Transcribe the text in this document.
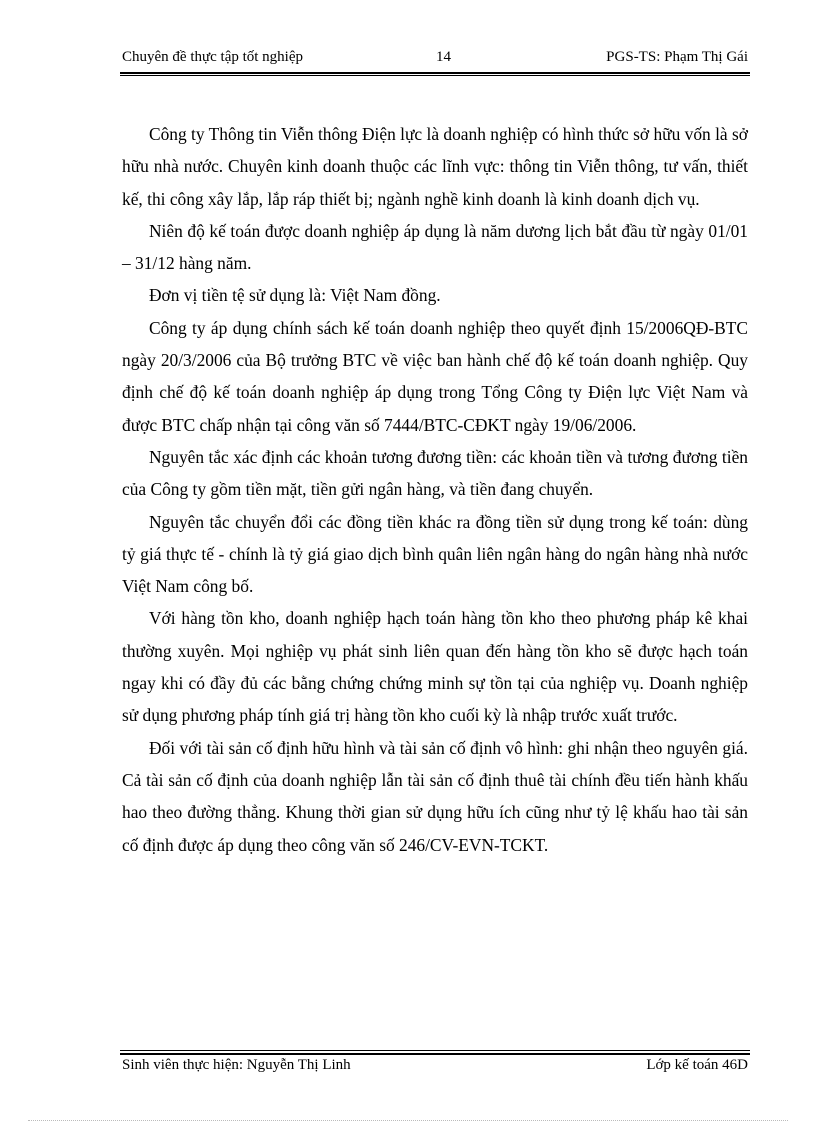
Chuyên đề thực tập tốt nghiệp	14	PGS-TS: Phạm Thị Gái

Công ty Thông tin Viễn thông Điện lực là doanh nghiệp có hình thức sở hữu vốn là sở hữu nhà nước. Chuyên kinh doanh thuộc các lĩnh vực: thông tin Viễn thông, tư vấn, thiết kế, thi công xây lắp, lắp ráp thiết bị; ngành nghề kinh doanh là kinh doanh dịch vụ.

Niên độ kế toán được doanh nghiệp áp dụng là năm dương lịch bắt đầu từ ngày 01/01 – 31/12 hàng năm.

Đơn vị tiền tệ sử dụng là: Việt Nam đồng.

Công ty áp dụng chính sách kế toán doanh nghiệp theo quyết định 15/2006QĐ-BTC ngày 20/3/2006 của Bộ trưởng BTC về việc ban hành chế độ kế toán doanh nghiệp. Quy định chế độ kế toán doanh nghiệp áp dụng trong Tổng Công ty Điện lực Việt Nam và được BTC chấp nhận tại công văn số 7444/BTC-CĐKT ngày 19/06/2006.

Nguyên tắc xác định các khoản tương đương tiền: các khoản tiền và tương đương tiền của Công ty gồm tiền mặt, tiền gửi ngân hàng, và tiền đang chuyển.

Nguyên tắc chuyển đổi các đồng tiền khác ra đồng tiền sử dụng trong kế toán: dùng tỷ giá thực tế - chính là tỷ giá giao dịch bình quân liên ngân hàng do ngân hàng nhà nước Việt Nam công bố.

Với hàng tồn kho, doanh nghiệp hạch toán hàng tồn kho theo phương pháp kê khai thường xuyên. Mọi nghiệp vụ phát sinh liên quan đến hàng tồn kho sẽ được hạch toán ngay khi có đầy đủ các bằng chứng chứng minh sự tồn tại của nghiệp vụ. Doanh nghiệp sử dụng phương pháp tính giá trị hàng tồn kho cuối kỳ là nhập trước xuất trước.

Đối với tài sản cố định hữu hình và tài sản cố định vô hình: ghi nhận theo nguyên giá. Cả tài sản cố định của doanh nghiệp lẫn tài sản cố định thuê tài chính đều tiến hành khấu hao theo đường thẳng. Khung thời gian sử dụng hữu ích cũng như tỷ lệ khấu hao tài sản cố định được áp dụng theo công văn số 246/CV-EVN-TCKT.

Sinh viên thực hiện: Nguyễn Thị Linh	Lớp kế toán 46D
